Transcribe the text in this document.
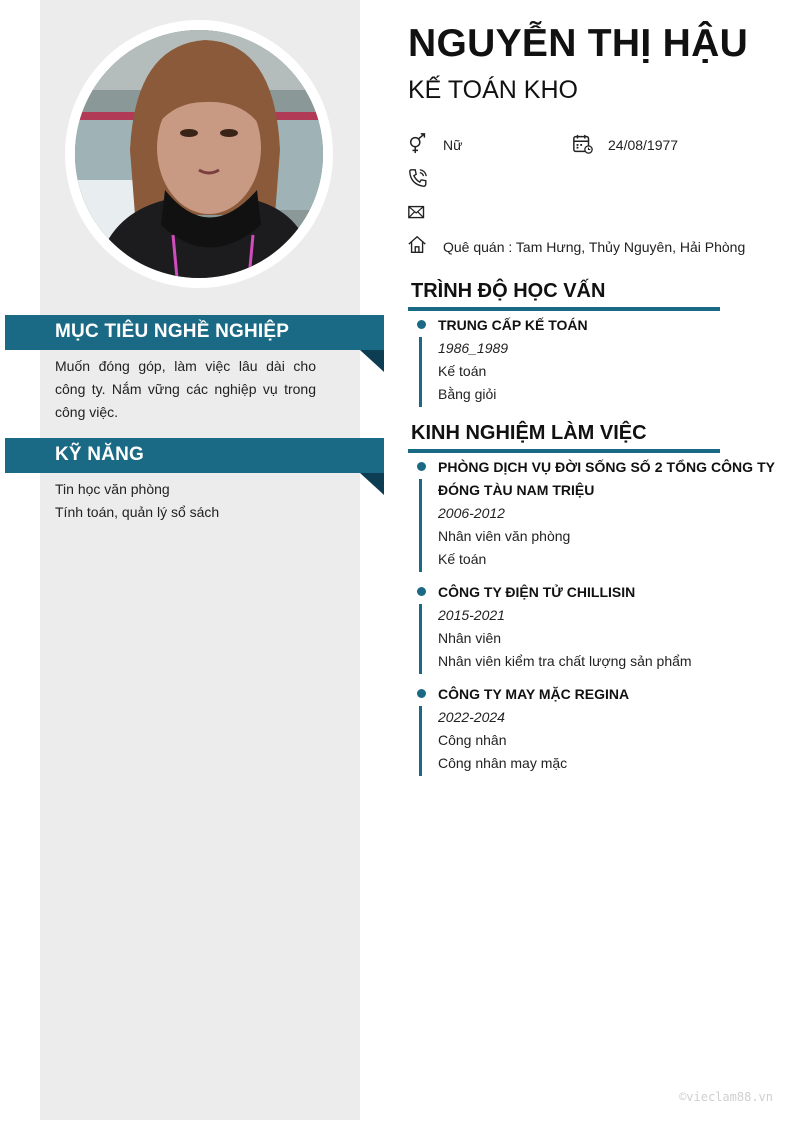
MỤC TIÊU NGHỀ NGHIỆP
Muốn đóng góp, làm việc lâu dài cho công ty. Nắm vững các nghiệp vụ trong công việc.
KỸ NĂNG
Tin học văn phòng
Tính toán, quản lý sổ sách
NGUYỄN THỊ HẬU
KẾ TOÁN KHO
Nữ	24/08/1977
Quê quán : Tam Hưng, Thủy Nguyên, Hải Phòng
TRÌNH ĐỘ HỌC VẤN
TRUNG CẤP KẾ TOÁN
1986_1989
Kế toán
Bằng giỏi
KINH NGHIỆM LÀM VIỆC
PHÒNG DỊCH VỤ ĐỜI SỐNG SỐ 2 TỔNG CÔNG TY
ĐÓNG TÀU NAM TRIỆU
2006-2012
Nhân viên văn phòng
Kế toán
CÔNG TY ĐIỆN TỬ CHILLISIN
2015-2021
Nhân viên
Nhân viên kiểm tra chất lượng sản phẩm
CÔNG TY MAY MẶC REGINA
2022-2024
Công nhân
Công nhân may mặc
©vieclam88.vn
